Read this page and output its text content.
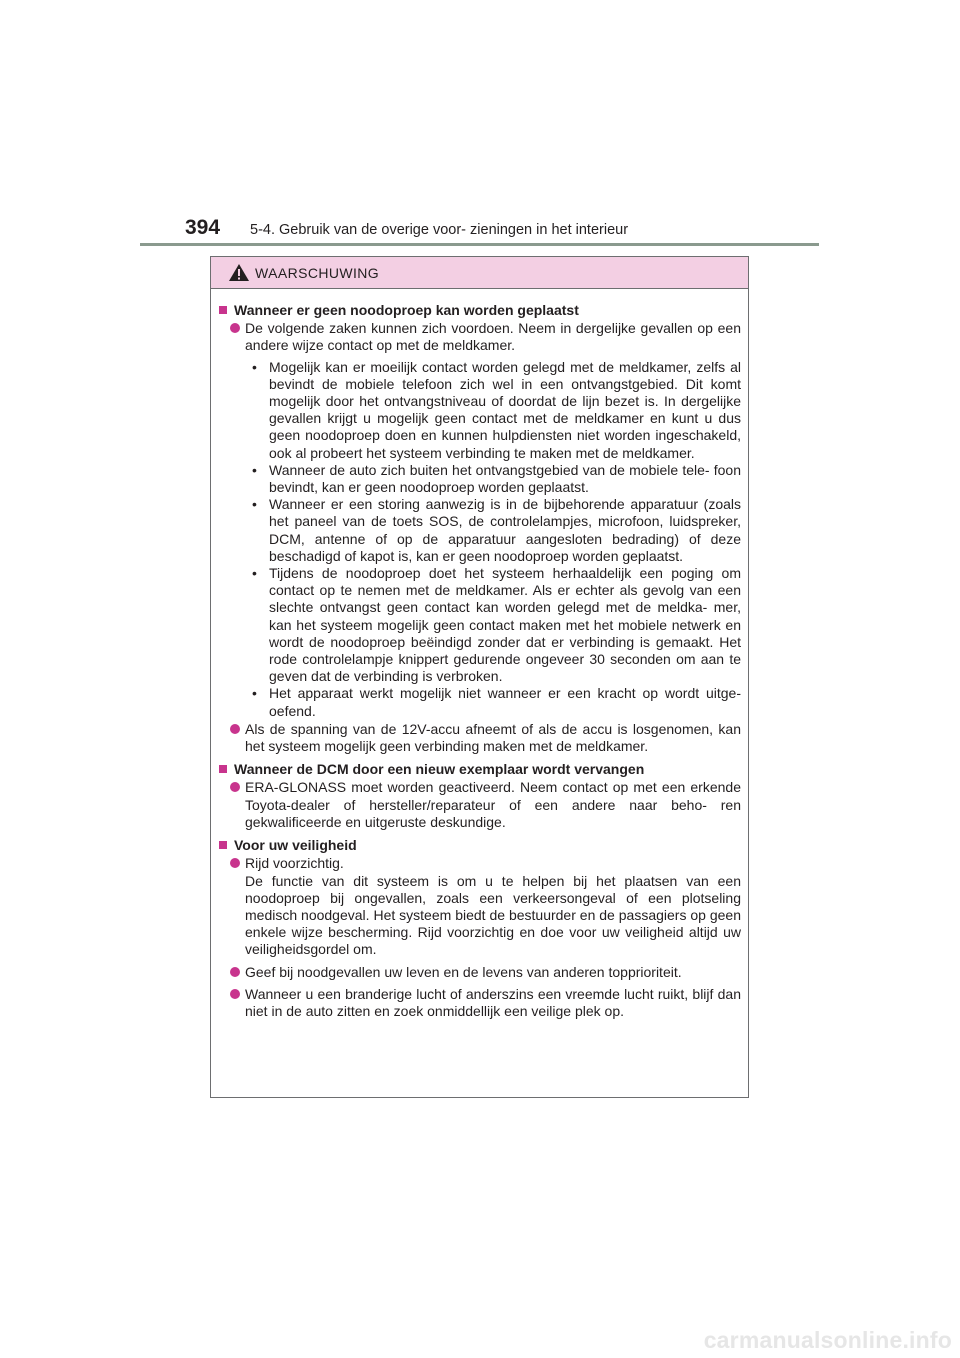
394 5-4. Gebruik van de overige voor- zieningen in het interieur
WAARSCHUWING
Wanneer er geen noodoproep kan worden geplaatst

De volgende zaken kunnen zich voordoen. Neem in dergelijke gevallen op een andere wijze contact op met de meldkamer.

• Mogelijk kan er moeilijk contact worden gelegd met de meldkamer, zelfs al bevindt de mobiele telefoon zich wel in een ontvangstgebied. Dit komt mogelijk door het ontvangstniveau of doordat de lijn bezet is. In dergelijke gevallen krijgt u mogelijk geen contact met de meldkamer en kunt u dus geen noodoproep doen en kunnen hulpdiensten niet worden ingeschakeld, ook al probeert het systeem verbinding te maken met de meldkamer.
• Wanneer de auto zich buiten het ontvangstgebied van de mobiele tele- foon bevindt, kan er geen noodoproep worden geplaatst.
• Wanneer er een storing aanwezig is in de bijbehorende apparatuur (zoals het paneel van de toets SOS, de controlelampjes, microfoon, luidspreker, DCM, antenne of op de apparatuur aangesloten bedrading) of deze beschadigd of kapot is, kan er geen noodoproep worden geplaatst.
• Tijdens de noodoproep doet het systeem herhaaldelijk een poging om contact op te nemen met de meldkamer. Als er echter als gevolg van een slechte ontvangst geen contact kan worden gelegd met de meldka- mer, kan het systeem mogelijk geen contact maken met het mobiele netwerk en wordt de noodoproep beëindigd zonder dat er verbinding is gemaakt. Het rode controlelampje knippert gedurende ongeveer 30 seconden om aan te geven dat de verbinding is verbroken.
• Het apparaat werkt mogelijk niet wanneer er een kracht op wordt uitge- oefend.

Als de spanning van de 12V-accu afneemt of als de accu is losgenomen, kan het systeem mogelijk geen verbinding maken met de meldkamer.

Wanneer de DCM door een nieuw exemplaar wordt vervangen

ERA-GLONASS moet worden geactiveerd. Neem contact op met een erkende Toyota-dealer of hersteller/reparateur of een andere naar beho- ren gekwalificeerde en uitgeruste deskundige.

Voor uw veiligheid

Rijd voorzichtig.

De functie van dit systeem is om u te helpen bij het plaatsen van een noodoproep bij ongevallen, zoals een verkeersongeval of een plotseling medisch noodgeval. Het systeem biedt de bestuurder en de passagiers op geen enkele wijze bescherming. Rijd voorzichtig en doe voor uw veiligheid altijd uw veiligheidsgordel om.

Geef bij noodgevallen uw leven en de levens van anderen topprioriteit.

Wanneer u een branderige lucht of anderszins een vreemde lucht ruikt, blijf dan niet in de auto zitten en zoek onmiddellijk een veilige plek op.

carmanualsonline.info
